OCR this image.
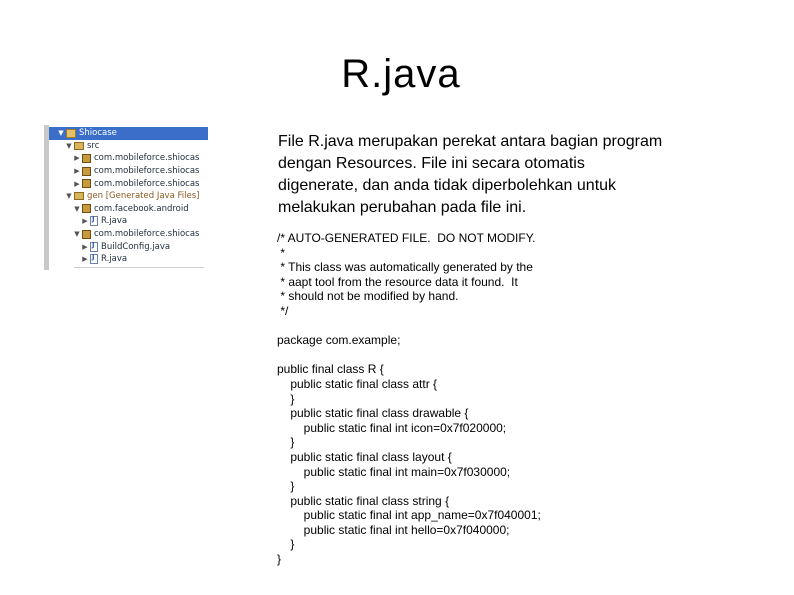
R.java
▼ Shiocase
▼ src
▶ com.mobileforce.shiocas
▶ com.mobileforce.shiocas
▶ com.mobileforce.shiocas
▼ gen [Generated Java Files]
▼ com.facebook.android
▶ J R.java
▼ com.mobileforce.shiocas
▶ J BuildConfig.java
▶ J R.java

File R.java merupakan perekat antara bagian program

dengan Resources. File ini secara otomatis

digenerate, dan anda tidak diperbolehkan untuk

melakukan perubahan pada file ini.

/* AUTO-GENERATED FILE.  DO NOT MODIFY.
*
* This class was automatically generated by the
* aapt tool from the resource data it found.  It
* should not be modified by hand.
*/
package com.example;
public final class R {
public static final class attr {
}
public static final class drawable {
public static final int icon=0x7f020000;
}
public static final class layout {
public static final int main=0x7f030000;
}
public static final class string {
public static final int app_name=0x7f040001;
public static final int hello=0x7f040000;
}
}
